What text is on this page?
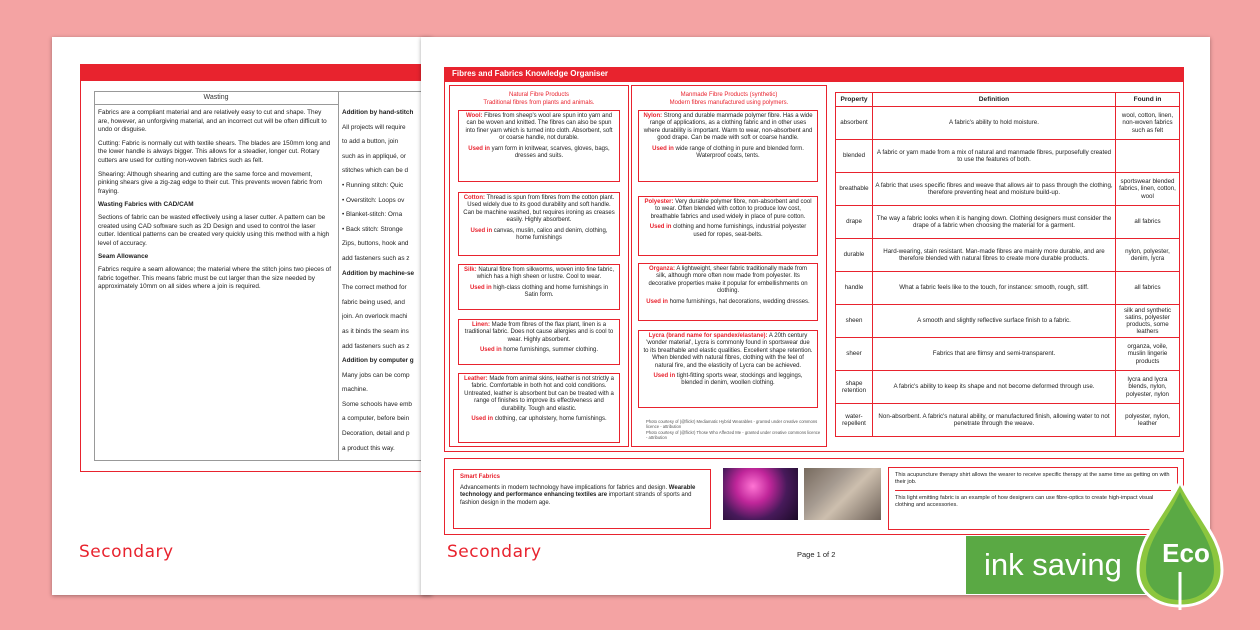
Wasting

Fabrics are a compliant material and are relatively easy to cut and shape. They are, however, an unforgiving material, and an incorrect cut will be often difficult to undo or disguise.

Cutting: Fabric is normally cut with textile shears. The blades are 150mm long and the lower handle is always bigger. This allows for a steadier, longer cut. Rotary cutters are used for cutting non-woven fabrics such as felt.

Shearing: Although shearing and cutting are the same force and movement, pinking shears give a zig-zag edge to their cut. This prevents woven fabric from fraying.

Wasting Fabrics with CAD/CAM

Sections of fabric can be wasted effectively using a laser cutter. A pattern can be created using CAD software such as 2D Design and used to control the laser cutter. Identical patterns can be created very quickly using this method with a high level of accuracy.

Seam Allowance

Fabrics require a seam allowance; the material where the stitch joins two pieces of fabric together. This means fabric must be cut larger than the size needed by approximately 10mm on all sides where a join is required.

Addition by hand-stitch
All projects will require
to add a button, join
such as in appliqué, or
stitches which can be d
• Running stitch: Quic
• Overstitch: Loops ov
• Blanket-stitch: Orna
• Back stitch: Stronge
Zips, buttons, hook and
add fasteners such as z
Addition by machine-se
The correct method for
fabric being used, and
join. An overlock machi
as it binds the seam ins
add fasteners such as z
Addition by computer g
Many jobs can be comp
machine.
Some schools have emb
a computer, before bein
Decoration, detail and p
a product this way.
Secondary
Fibres and Fabrics Knowledge Organiser
Natural Fibre Products
Traditional fibres from plants and animals.
Manmade Fibre Products (synthetic)
Modern fibres manufactured using polymers.
Wool: Fibres from sheep's wool are spun into yarn and can be woven and knitted. The fibres can also be spun into finer yarn which is turned into cloth. Absorbent, soft or coarse handle, not durable.
Used in yarn form in knitwear, scarves, gloves, bags, dresses and suits.
Cotton: Thread is spun from fibres from the cotton plant. Used widely due to its good durability and soft handle. Can be machine washed, but requires ironing as creases easily. Highly absorbent.
Used in canvas, muslin, calico and denim, clothing, home furnishings
Silk: Natural fibre from silkworms, woven into fine fabric, which has a high sheen or lustre. Cool to wear.
Used in high-class clothing and home furnishings in Satin form.
Linen: Made from fibres of the flax plant, linen is a traditional fabric. Does not cause allergies and is cool to wear. Highly absorbent.
Used in home furnishings, summer clothing.
Leather: Made from animal skins, leather is not strictly a fabric. Comfortable in both hot and cold conditions. Untreated, leather is absorbent but can be treated with a range of finishes to improve its effectiveness and durability. Tough and elastic.
Used in clothing, car upholstery, home furnishings.
Nylon: Strong and durable manmade polymer fibre. Has a wide range of applications, as a clothing fabric and in other uses where durability is important. Warm to wear, non-absorbent and good drape. Can be made with soft or coarse handle.
Used in wide range of clothing in pure and blended form. Waterproof coats, tents.
Polyester: Very durable polymer fibre, non-absorbent and cool to wear. Often blended with cotton to produce low cost, breathable fabrics and used widely in place of pure cotton.
Used in clothing and home furnishings, industrial polyester used for ropes, seat-belts.
Organza: A lightweight, sheer fabric traditionally made from silk, although more often now made from polyester. Its decorative properties make it popular for embellishments on clothing.
Used in home furnishings, hat decorations, wedding dresses.
Lycra (brand name for spandex/elastane): A 20th century 'wonder material', Lycra is commonly found in sportswear due to its breathable and elastic qualities. Excellent shape retention. When blended with natural fibres, clothing with the feel of natural fire, and the elasticity of Lycra can be achieved.
Used in tight-fitting sports wear, stockings and leggings, blended in denim, woollen clothing.
Photo courtesy of (@flickr) Mediamatic Hybrid Wearables - granted under creative commons licence - attribution
Photo courtesy of (@flickr) Those Who Affected Me - granted under creative commons licence - attribution
Property	Definition	Found in
absorbent	A fabric's ability to hold moisture.	wool, cotton, linen, non-woven fabrics such as felt
blended	A fabric or yarn made from a mix of natural and manmade fibres, purposefully created to use the features of both.	
breathable	A fabric that uses specific fibres and weave that allows air to pass through the clothing, therefore preventing heat and moisture build-up.	sportswear blended fabrics, linen, cotton, wool
drape	The way a fabric looks when it is hanging down. Clothing designers must consider the drape of a fabric when choosing the material for a garment.	all fabrics
durable	Hard-wearing, stain resistant. Man-made fibres are mainly more durable, and are therefore blended with natural fibres to create more durable products.	nylon, polyester, denim, lycra
handle	What a fabric feels like to the touch, for instance: smooth, rough, stiff.	all fabrics
sheen	A smooth and slightly reflective surface finish to a fabric.	silk and synthetic satins, polyester products, some leathers
sheer	Fabrics that are flimsy and semi-transparent.	organza, voile, muslin lingerie products
shape retention	A fabric's ability to keep its shape and not become deformed through use.	lycra and lycra blends, nylon, polyester, nylon
water-repellent	Non-absorbent. A fabric's natural ability, or manufactured finish, allowing water to not penetrate through the weave.	polyester, nylon, leather
Smart Fabrics
Advancements in modern technology have implications for fabrics and design. Wearable technology and performance enhancing textiles are important strands of sports and fashion design in the modern age.
This acupuncture therapy shirt allows the wearer to receive specific therapy at the same time as getting on with their job.
This light emitting fabric is an example of how designers can use fibre-optics to create high-impact visual clothing and accessories.
Secondary	Page 1 of 2	ink saving	Eco
